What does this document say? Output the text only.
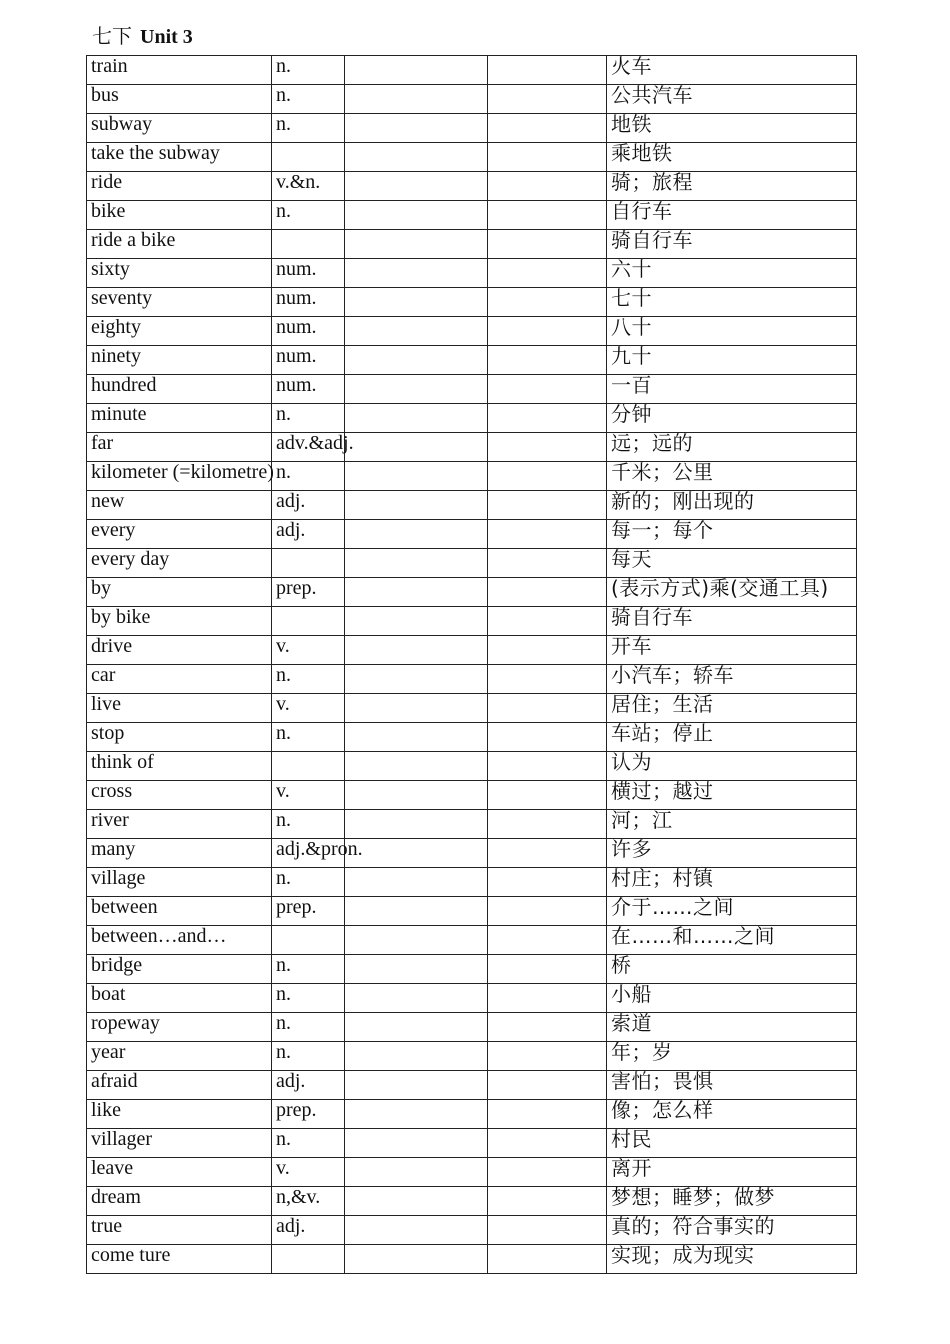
七下 Unit 3
train	n.			火车
bus	n.			公共汽车
subway	n.			地铁
take the subway				乘地铁
ride	v.&n.			骑；旅程
bike	n.			自行车
ride a bike				骑自行车
sixty	num.			六十
seventy	num.			七十
eighty	num.			八十
ninety	num.			九十
hundred	num.			一百
minute	n.			分钟
far	adv.&adj.			远；远的
kilometer (=kilometre)	n.			千米；公里
new	adj.			新的；刚出现的
every	adj.			每一；每个
every day				每天
by	prep.			(表示方式)乘(交通工具)
by bike				骑自行车
drive	v.			开车
car	n.			小汽车；轿车
live	v.			居住；生活
stop	n.			车站；停止
think of				认为
cross	v.			横过；越过
river	n.			河；江
many	adj.&pron.			许多
village	n.			村庄；村镇
between	prep.			介于……之间
between…and…				在……和……之间
bridge	n.			桥
boat	n.			小船
ropeway	n.			索道
year	n.			年；岁
afraid	adj.			害怕；畏惧
like	prep.			像；怎么样
villager	n.			村民
leave	v.			离开
dream	n,&v.			梦想；睡梦；做梦
true	adj.			真的；符合事实的
come ture				实现；成为现实
